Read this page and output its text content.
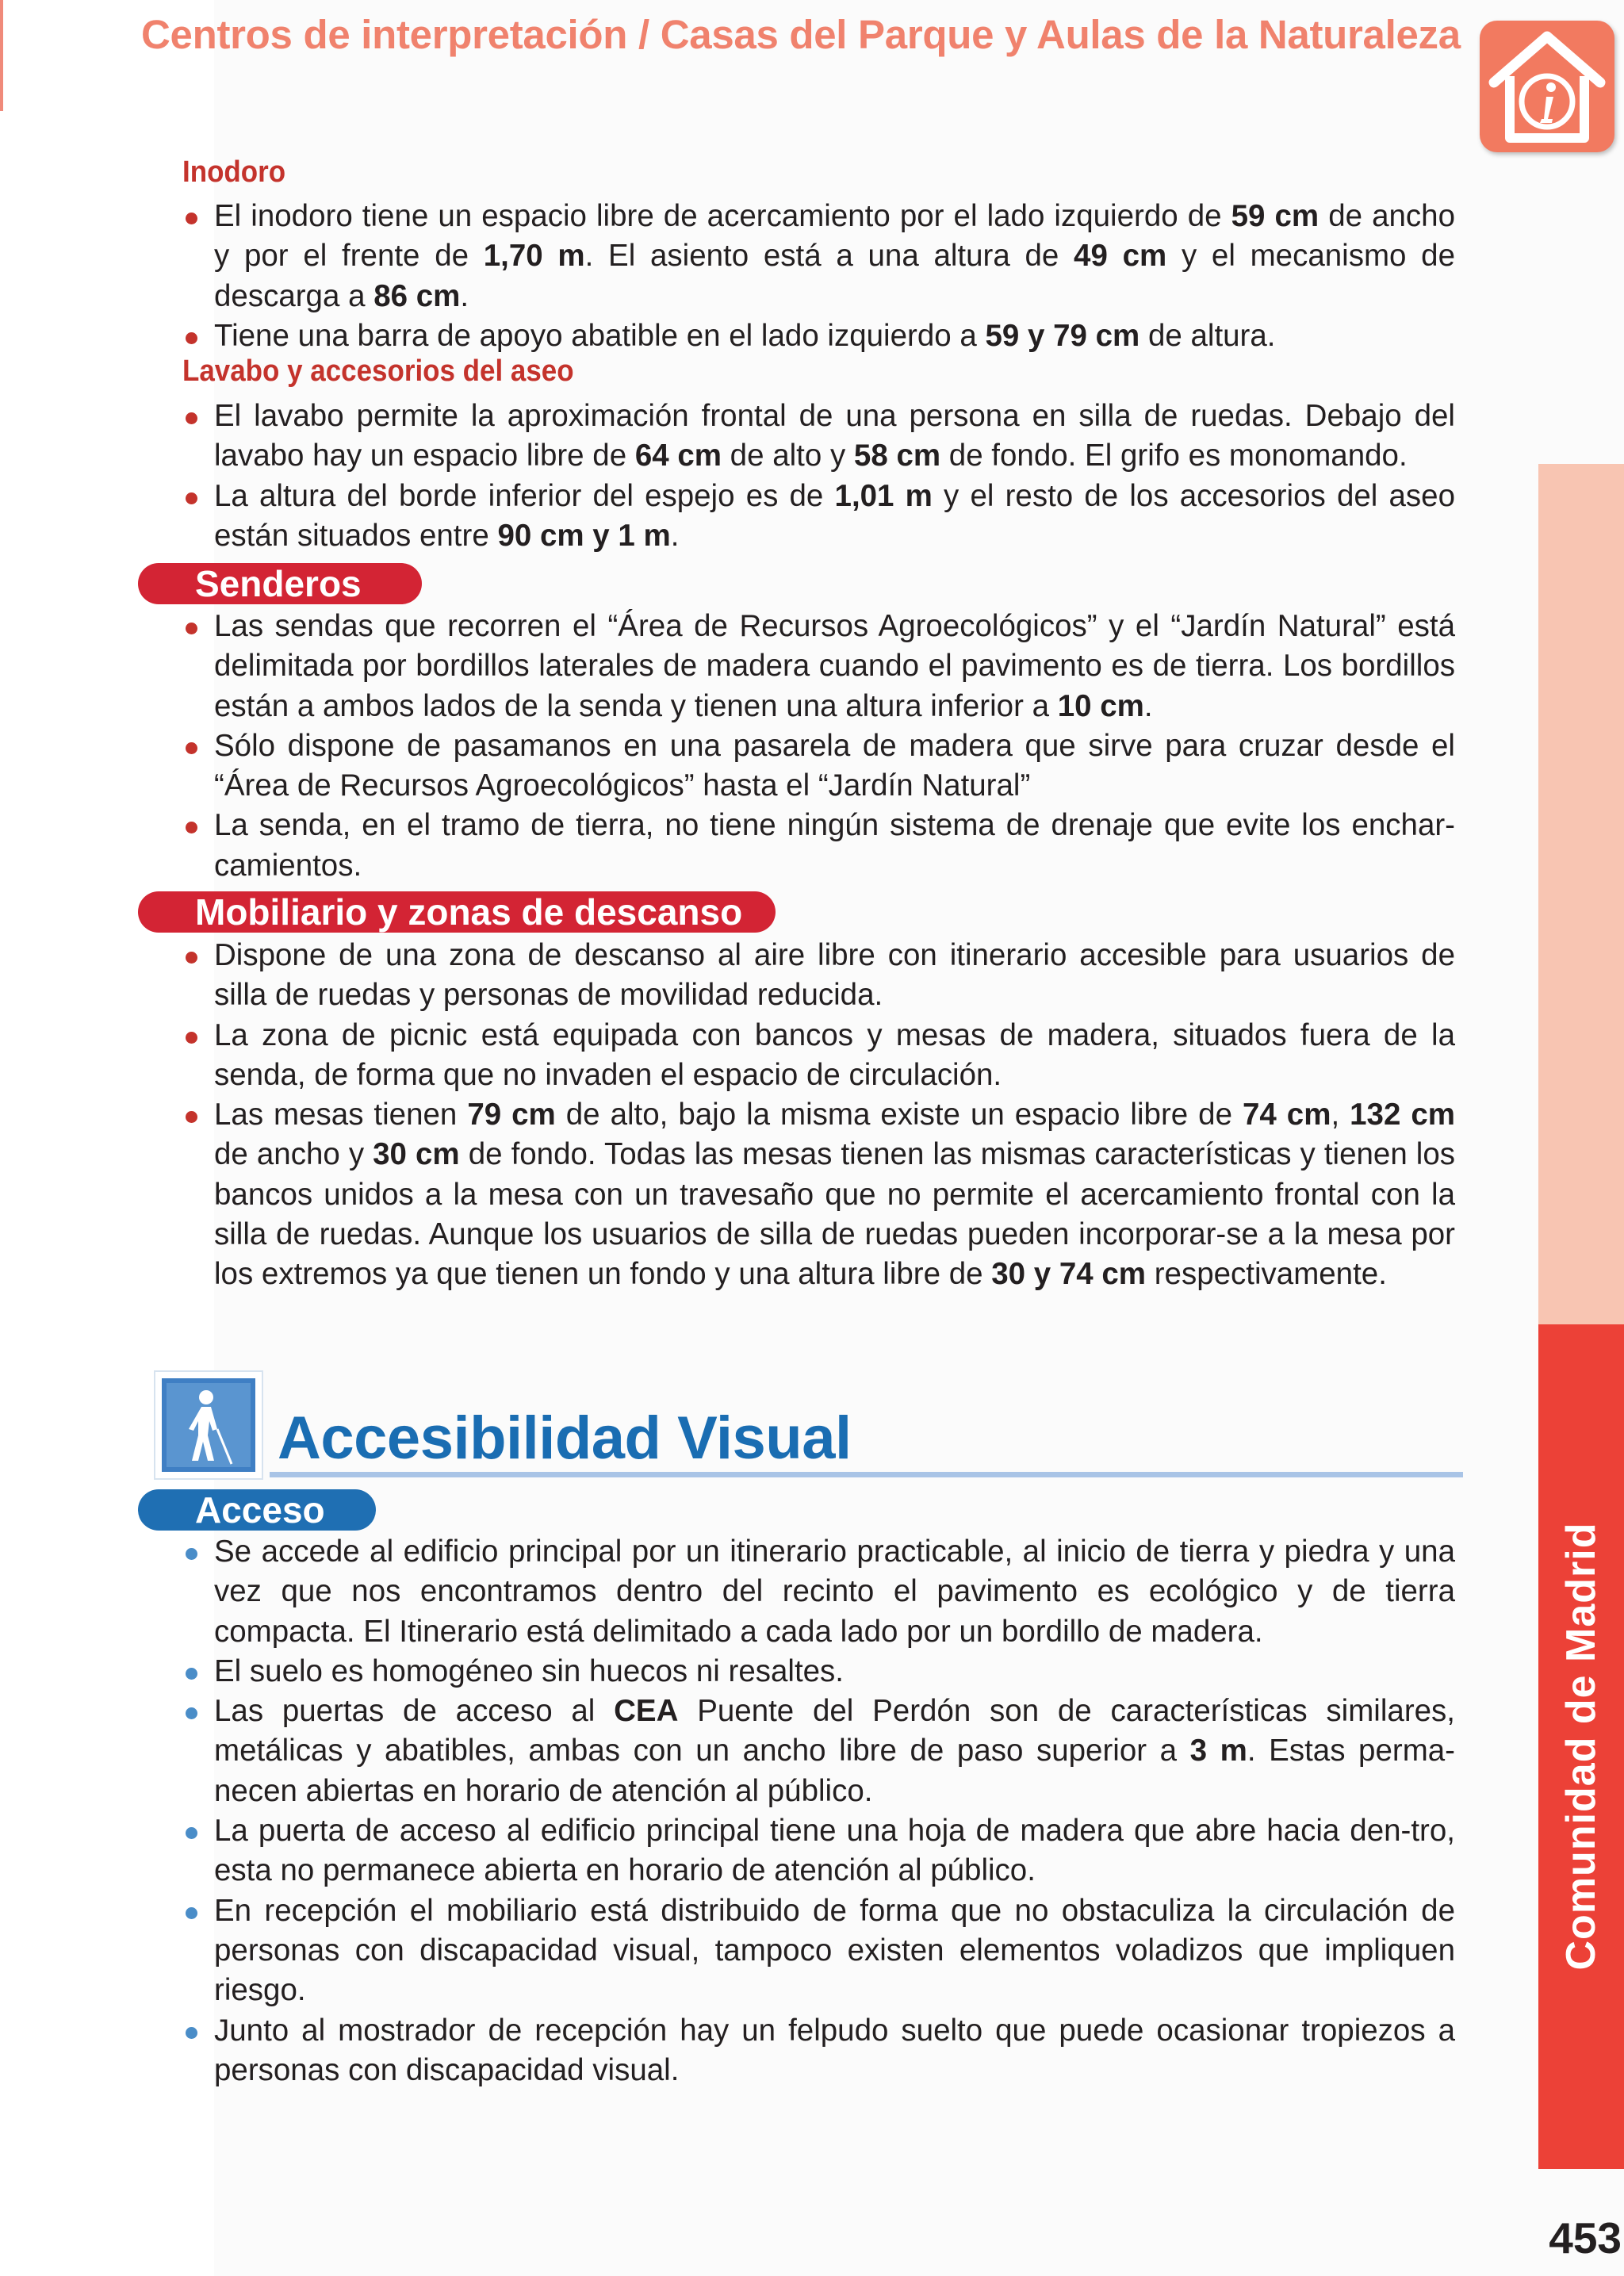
Centros de interpretación / Casas del Parque y Aulas de la Naturaleza
Comunidad de Madrid
453
Inodoro
El inodoro tiene un espacio libre de acercamiento por el lado izquierdo de 59 cm de ancho y por el frente de 1,70 m. El asiento está a una altura de 49 cm y el mecanismo de descarga a 86 cm.
Tiene una barra de apoyo abatible en el lado izquierdo a 59 y 79 cm de altura.
Lavabo y accesorios del aseo
El lavabo permite la aproximación frontal de una persona en silla de ruedas. Debajo del lavabo hay un espacio libre de 64 cm de alto y 58 cm de fondo. El grifo es monomando.
La altura del borde inferior del espejo es de 1,01 m y el resto de los accesorios del aseo están situados entre 90 cm y 1 m.
Senderos
Las sendas que recorren el “Área de Recursos Agroecológicos” y el “Jardín Natural” está delimitada por bordillos laterales de madera cuando el pavimento es de tierra. Los bordillos están a ambos lados de la senda y tienen una altura inferior a 10 cm.
Sólo dispone de pasamanos en una pasarela de madera que sirve para cruzar desde el “Área de Recursos Agroecológicos” hasta el “Jardín Natural”
La senda, en el tramo de tierra, no tiene ningún sistema de drenaje que evite los enchar-camientos.
Mobiliario y zonas de descanso
Dispone de una zona de descanso al aire libre con itinerario accesible para usuarios de silla de ruedas y personas de movilidad reducida.
La zona de picnic está equipada con bancos y mesas de madera, situados fuera de la senda, de forma que no invaden el espacio de circulación.
Las mesas tienen 79 cm de alto, bajo la misma existe un espacio libre de 74 cm, 132 cm de ancho y 30 cm de fondo. Todas las mesas tienen las mismas características y tienen los bancos unidos a la mesa con un travesaño que no permite el acercamiento frontal con la silla de ruedas. Aunque los usuarios de silla de ruedas pueden incorporar-se a la mesa por los extremos ya que tienen un fondo y una altura libre de 30 y 74 cm respectivamente.
Accesibilidad Visual
Acceso
Se accede al edificio principal por un itinerario practicable, al inicio de tierra y piedra y una vez que nos encontramos dentro del recinto el pavimento es ecológico y de tierra compacta. El Itinerario está delimitado a cada lado por un bordillo de madera.
El suelo es homogéneo sin huecos ni resaltes.
Las puertas de acceso al CEA Puente del Perdón son de características similares, metálicas y abatibles, ambas con un ancho libre de paso superior a 3 m. Estas perma-necen abiertas en horario de atención al público.
La puerta de acceso al edificio principal tiene una hoja de madera que abre hacia den-tro, esta no permanece abierta en horario de atención al público.
En recepción el mobiliario está distribuido de forma que no obstaculiza la circulación de personas con discapacidad visual, tampoco existen elementos voladizos que impliquen riesgo.
Junto al mostrador de recepción hay un felpudo suelto que puede ocasionar tropiezos a personas con discapacidad visual.
